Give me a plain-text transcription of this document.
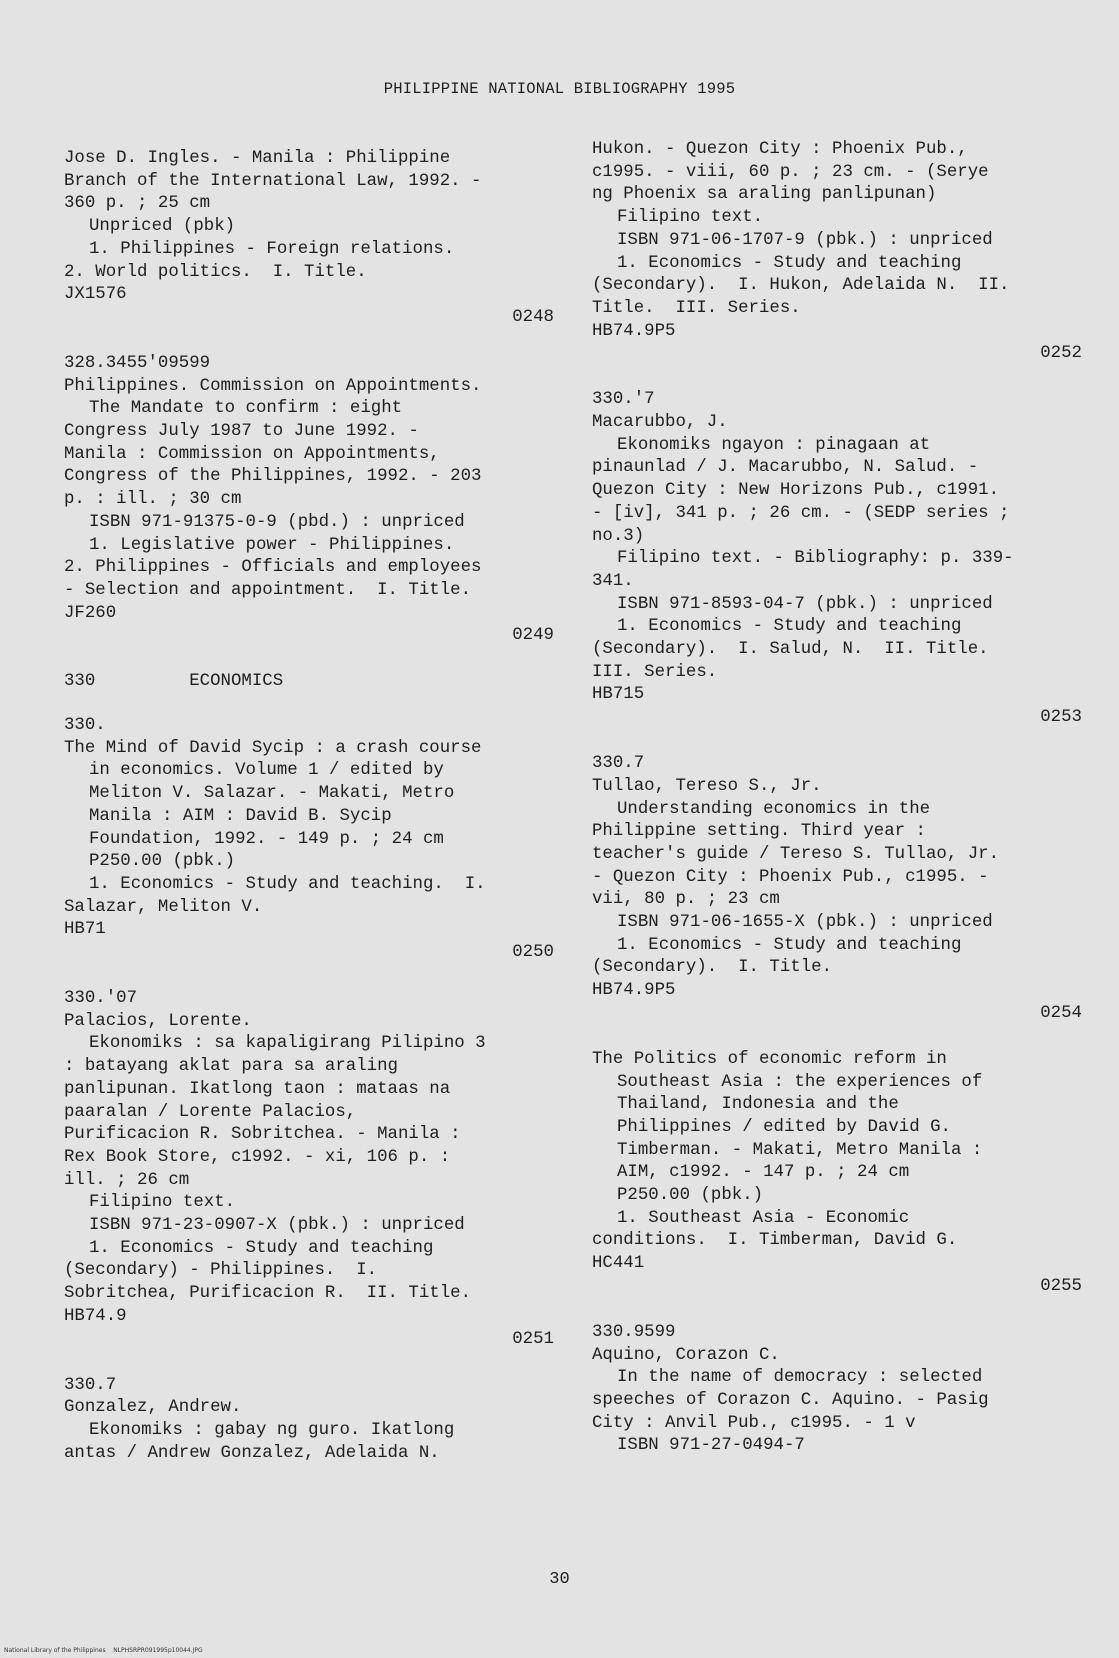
PHILIPPINE NATIONAL BIBLIOGRAPHY 1995
Jose D. Ingles. - Manila : Philippine
Branch of the International Law, 1992. -
360 p. ; 25 cm
Unpriced (pbk)
1. Philippines - Foreign relations.
2. World politics.  I. Title.
JX1576
0248
328.3455'09599
Philippines. Commission on Appointments.
The Mandate to confirm : eight
Congress July 1987 to June 1992. -
Manila : Commission on Appointments,
Congress of the Philippines, 1992. - 203
p. : ill. ; 30 cm
ISBN 971-91375-0-9 (pbd.) : unpriced
1. Legislative power - Philippines.
2. Philippines - Officials and employees
- Selection and appointment.  I. Title.
JF260
0249
330         ECONOMICS
330.
The Mind of David Sycip : a crash course
in economics. Volume 1 / edited by
Meliton V. Salazar. - Makati, Metro
Manila : AIM : David B. Sycip
Foundation, 1992. - 149 p. ; 24 cm
P250.00 (pbk.)
1. Economics - Study and teaching.  I.
Salazar, Meliton V.
HB71
0250
330.'07
Palacios, Lorente.
Ekonomiks : sa kapaligirang Pilipino 3
: batayang aklat para sa araling
panlipunan. Ikatlong taon : mataas na
paaralan / Lorente Palacios,
Purificacion R. Sobritchea. - Manila :
Rex Book Store, c1992. - xi, 106 p. :
ill. ; 26 cm
Filipino text.
ISBN 971-23-0907-X (pbk.) : unpriced
1. Economics - Study and teaching
(Secondary) - Philippines.  I.
Sobritchea, Purificacion R.  II. Title.
HB74.9
0251
330.7
Gonzalez, Andrew.
Ekonomiks : gabay ng guro. Ikatlong
antas / Andrew Gonzalez, Adelaida N.
Hukon. - Quezon City : Phoenix Pub.,
c1995. - viii, 60 p. ; 23 cm. - (Serye
ng Phoenix sa araling panlipunan)
Filipino text.
ISBN 971-06-1707-9 (pbk.) : unpriced
1. Economics - Study and teaching
(Secondary).  I. Hukon, Adelaida N.  II.
Title.  III. Series.
HB74.9P5
0252
330.'7
Macarubbo, J.
Ekonomiks ngayon : pinagaan at
pinaunlad / J. Macarubbo, N. Salud. -
Quezon City : New Horizons Pub., c1991.
- [iv], 341 p. ; 26 cm. - (SEDP series ;
no.3)
Filipino text. - Bibliography: p. 339-
341.
ISBN 971-8593-04-7 (pbk.) : unpriced
1. Economics - Study and teaching
(Secondary).  I. Salud, N.  II. Title.
III. Series.
HB715
0253
330.7
Tullao, Tereso S., Jr.
Understanding economics in the
Philippine setting. Third year :
teacher's guide / Tereso S. Tullao, Jr.
- Quezon City : Phoenix Pub., c1995. -
vii, 80 p. ; 23 cm
ISBN 971-06-1655-X (pbk.) : unpriced
1. Economics - Study and teaching
(Secondary).  I. Title.
HB74.9P5
0254
The Politics of economic reform in
Southeast Asia : the experiences of
Thailand, Indonesia and the
Philippines / edited by David G.
Timberman. - Makati, Metro Manila :
AIM, c1992. - 147 p. ; 24 cm
P250.00 (pbk.)
1. Southeast Asia - Economic
conditions.  I. Timberman, David G.
HC441
0255
330.9599
Aquino, Corazon C.
In the name of democracy : selected
speeches of Corazon C. Aquino. - Pasig
City : Anvil Pub., c1995. - 1 v
ISBN 971-27-0494-7
30
National Library of the Philippines    NLPHSRPR091995p10044.JPG
